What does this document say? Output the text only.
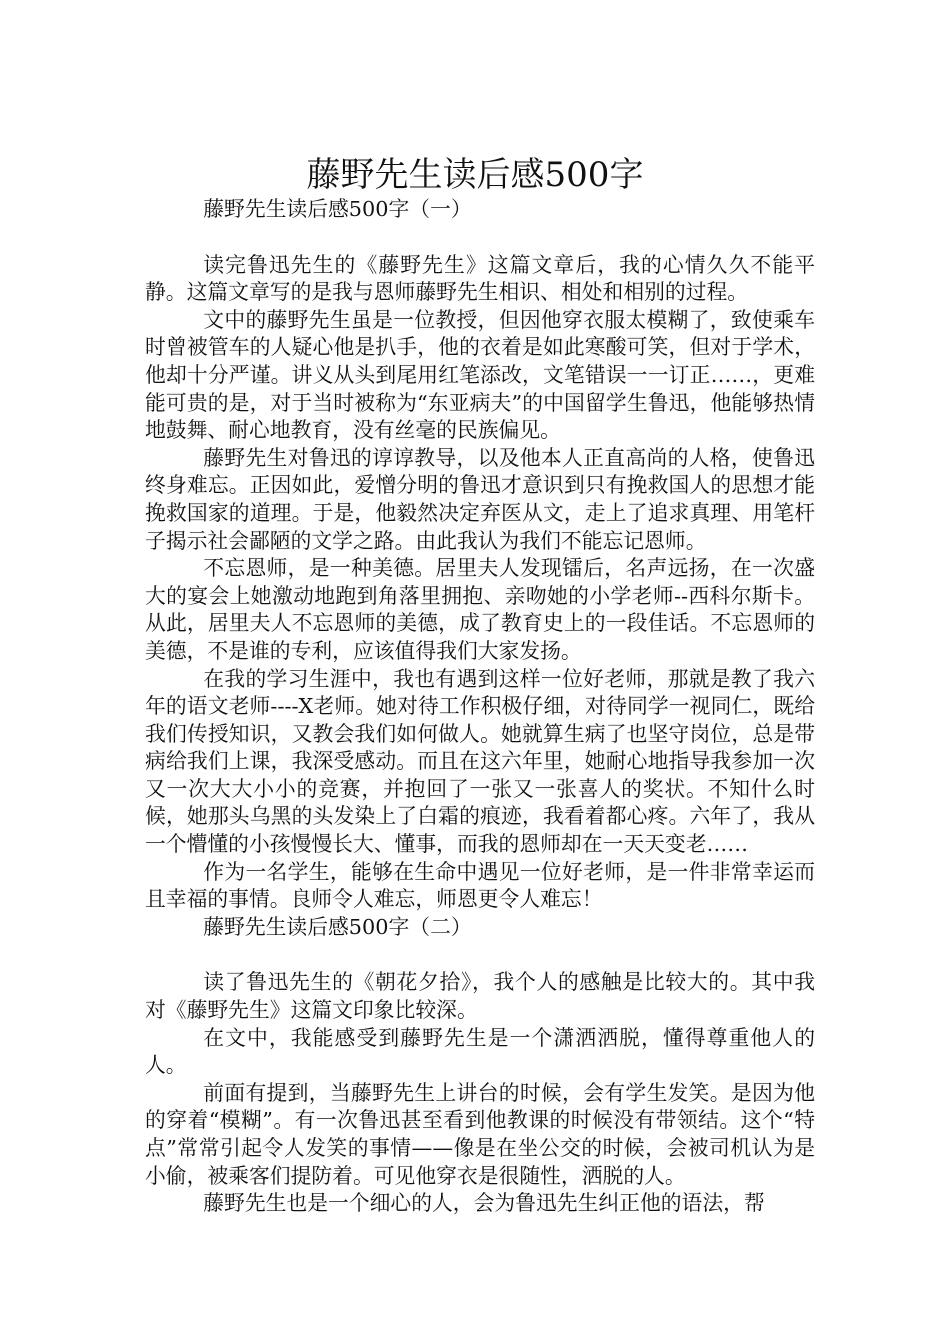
藤野先生读后感500字

藤野先生读后感500字（一）

读完鲁迅先生的《藤野先生》这篇文章后，我的心情久久不能平静。这篇文章写的是我与恩师藤野先生相识、相处和相别的过程。

文中的藤野先生虽是一位教授，但因他穿衣服太模糊了，致使乘车时曾被管车的人疑心他是扒手，他的衣着是如此寒酸可笑，但对于学术，他却十分严谨。讲义从头到尾用红笔添改，文笔错误一一订正……，更难能可贵的是，对于当时被称为“东亚病夫”的中国留学生鲁迅，他能够热情地鼓舞、耐心地教育，没有丝毫的民族偏见。

藤野先生对鲁迅的谆谆教导，以及他本人正直高尚的人格，使鲁迅终身难忘。正因如此，爱憎分明的鲁迅才意识到只有挽救国人的思想才能挽救国家的道理。于是，他毅然决定弃医从文，走上了追求真理、用笔杆子揭示社会鄙陋的文学之路。由此我认为我们不能忘记恩师。

不忘恩师，是一种美德。居里夫人发现镭后，名声远扬，在一次盛大的宴会上她激动地跑到角落里拥抱、亲吻她的小学老师--西科尔斯卡。从此，居里夫人不忘恩师的美德，成了教育史上的一段佳话。不忘恩师的美德，不是谁的专利，应该值得我们大家发扬。

在我的学习生涯中，我也有遇到这样一位好老师，那就是教了我六年的语文老师----X老师。她对待工作积极仔细，对待同学一视同仁，既给我们传授知识，又教会我们如何做人。她就算生病了也坚守岗位，总是带病给我们上课，我深受感动。而且在这六年里，她耐心地指导我参加一次又一次大大小小的竞赛，并抱回了一张又一张喜人的奖状。不知什么时候，她那头乌黑的头发染上了白霜的痕迹，我看着都心疼。六年了，我从一个懵懂的小孩慢慢长大、懂事，而我的恩师却在一天天变老……

作为一名学生，能够在生命中遇见一位好老师，是一件非常幸运而且幸福的事情。良师令人难忘，师恩更令人难忘！

藤野先生读后感500字（二）

读了鲁迅先生的《朝花夕拾》，我个人的感触是比较大的。其中我对《藤野先生》这篇文印象比较深。

在文中，我能感受到藤野先生是一个潇洒洒脱，懂得尊重他人的人。

前面有提到，当藤野先生上讲台的时候，会有学生发笑。是因为他的穿着“模糊”。有一次鲁迅甚至看到他教课的时候没有带领结。这个“特点”常常引起令人发笑的事情——像是在坐公交的时候，会被司机认为是小偷，被乘客们提防着。可见他穿衣是很随性，洒脱的人。

藤野先生也是一个细心的人，会为鲁迅先生纠正他的语法，帮
